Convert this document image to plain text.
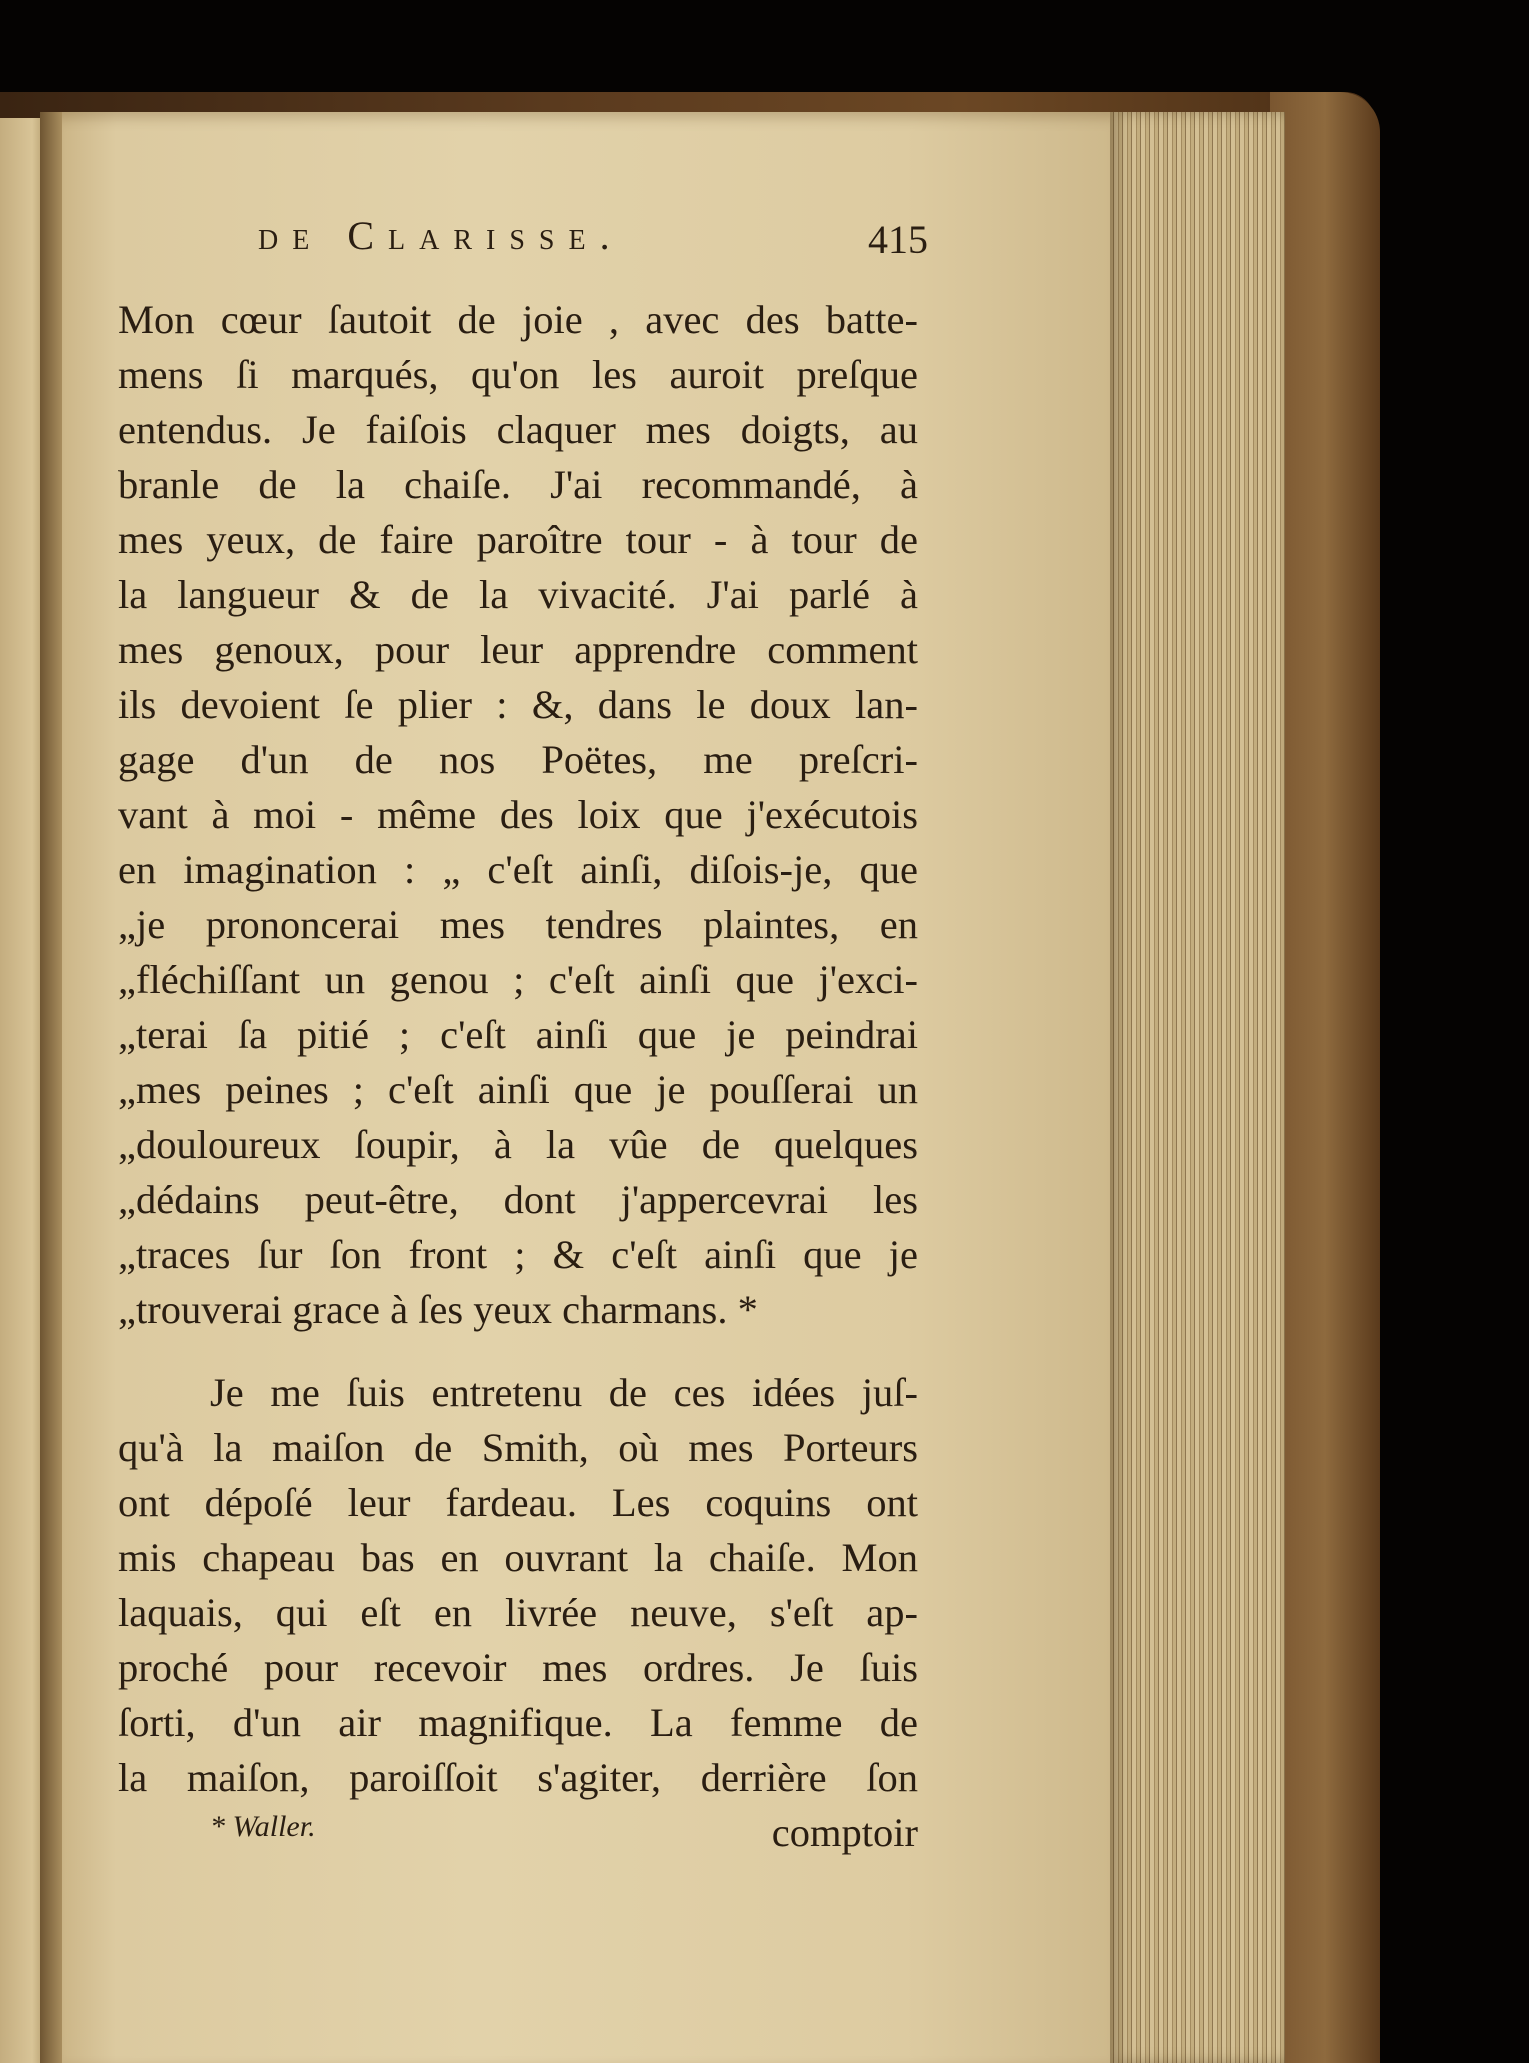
de Clarisse.	415
Mon cœur ſautoit de joie , avec des batte-
mens ſi marqués, qu'on les auroit preſque
entendus. Je faiſois claquer mes doigts, au
branle de la chaiſe. J'ai recommandé, à
mes yeux, de faire paroître tour - à tour de
la langueur & de la vivacité. J'ai parlé à
mes genoux, pour leur apprendre comment
ils devoient ſe plier : &, dans le doux lan-
gage d'un de nos Poëtes, me preſcri-
vant à moi - même des loix que j'exécutois
en imagination : „ c'eſt ainſi, diſois-je, que
„je prononcerai mes tendres plaintes, en
„fléchiſſant un genou ; c'eſt ainſi que j'exci-
„terai ſa pitié ; c'eſt ainſi que je peindrai
„mes peines ; c'eſt ainſi que je pouſſerai un
„douloureux ſoupir, à la vûe de quelques
„dédains peut-être, dont j'appercevrai les
„traces ſur ſon front ; & c'eſt ainſi que je
„trouverai grace à ſes yeux charmans. *
Je me ſuis entretenu de ces idées juſ-
qu'à la maiſon de Smith, où mes Porteurs
ont dépoſé leur fardeau. Les coquins ont
mis chapeau bas en ouvrant la chaiſe. Mon
laquais, qui eſt en livrée neuve, s'eſt ap-
proché pour recevoir mes ordres. Je ſuis
ſorti, d'un air magnifique. La femme de
la maiſon, paroiſſoit s'agiter, derrière ſon
comptoir
* Waller.
